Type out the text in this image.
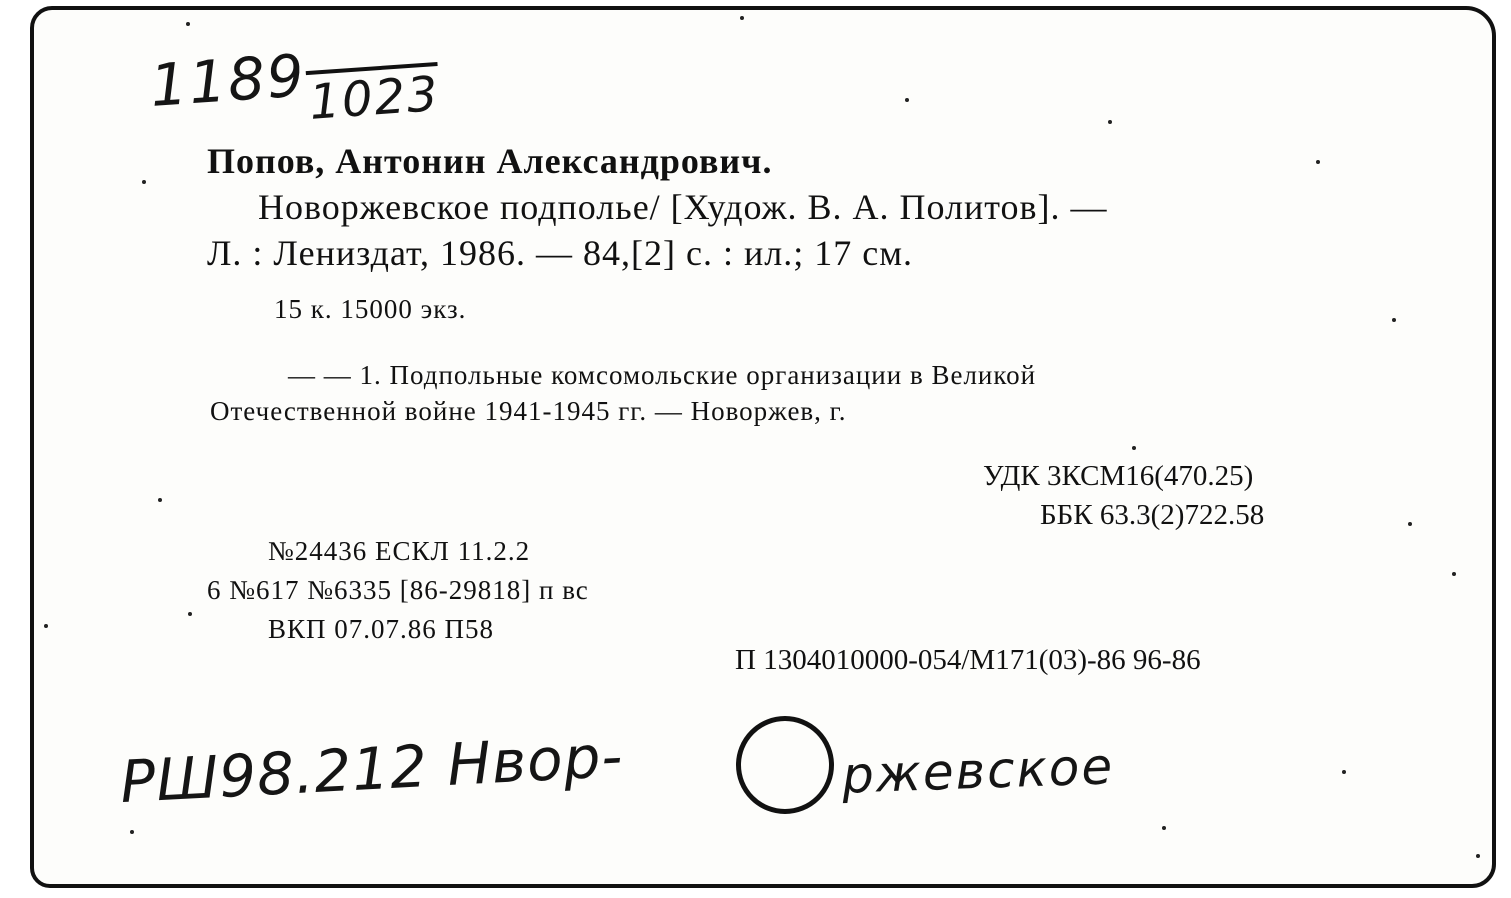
$1189_{1023}$
Попов, Антонин Александрович.
Новоржевское подполье/ [Худож. В. А. Политов]. —
Л. : Лениздат, 1986. — 84,[2] с. : ил.; 17 см.
15 к. 15000 экз.
— — 1. Подпольные комсомольские организации в Великой
Отечественной войне 1941-1945 гг. — Новоржев, г.
УДК 3КСМ16(470.25)
ББК 63.3(2)722.58
№24436 ЕСКЛ 11.2.2
6 №617 №6335 [86-29818] п вс
ВКП 07.07.86 П58
П 1304010000-054/М171(03)-86 96-86
РШ98.212 Нвор-	ржевское
